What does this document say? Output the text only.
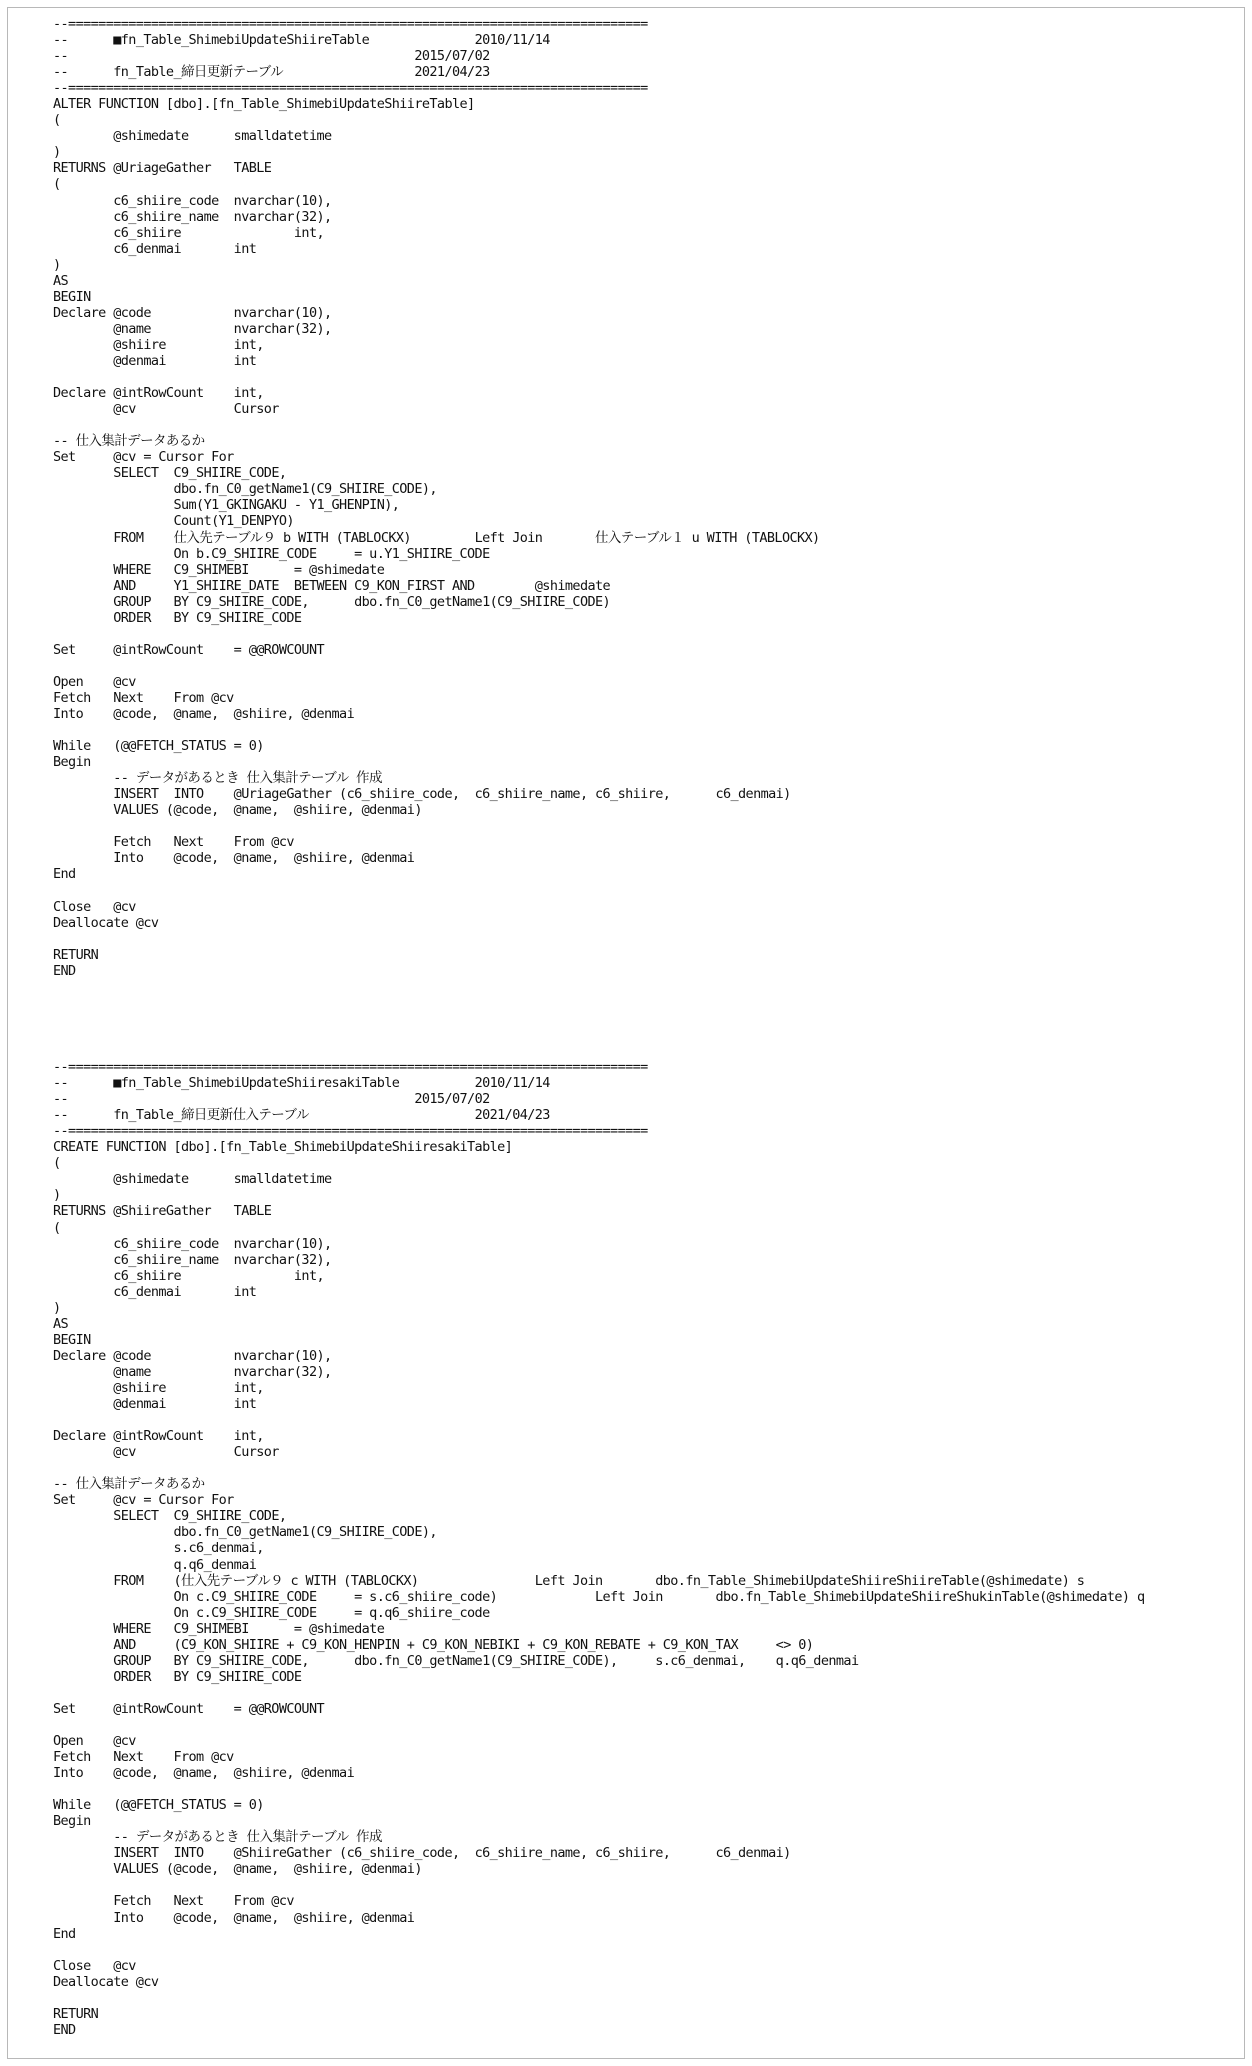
--=============================================================================
--	■fn_Table_ShimebiUpdateShiireTable		2010/11/14
--						2015/07/02
--	fn_Table_締日更新テーブル			2021/04/23
--=============================================================================
ALTER FUNCTION [dbo].[fn_Table_ShimebiUpdateShiireTable]
(
	@shimedate	smalldatetime
)
RETURNS @UriageGather	TABLE
(
	c6_shiire_code	nvarchar(10),
	c6_shiire_name	nvarchar(32),
	c6_shiire		int,
	c6_denmai	int
)
AS
BEGIN
Declare @code		nvarchar(10),
	@name		nvarchar(32),
	@shiire		int,
	@denmai		int
Declare @intRowCount	int,
	@cv		Cursor
-- 仕入集計データあるか
Set	@cv = Cursor For
	SELECT	C9_SHIIRE_CODE,
		dbo.fn_C0_getName1(C9_SHIIRE_CODE),
		Sum(Y1_GKINGAKU - Y1_GHENPIN),
		Count(Y1_DENPYO)
	FROM	仕入先テーブル９ b WITH (TABLOCKX)	Left Join	仕入テーブル１ u WITH (TABLOCKX)
		On b.C9_SHIIRE_CODE	= u.Y1_SHIIRE_CODE
	WHERE	C9_SHIMEBI	= @shimedate
	AND	Y1_SHIIRE_DATE	BETWEEN C9_KON_FIRST AND	@shimedate
	GROUP	BY C9_SHIIRE_CODE,	dbo.fn_C0_getName1(C9_SHIIRE_CODE)
	ORDER	BY C9_SHIIRE_CODE
Set	@intRowCount	= @@ROWCOUNT
Open	@cv
Fetch	Next	From @cv
Into	@code,	@name,	@shiire, @denmai
While	(@@FETCH_STATUS = 0)
Begin
	-- データがあるとき 仕入集計テーブル 作成
	INSERT	INTO	@UriageGather (c6_shiire_code,	c6_shiire_name, c6_shiire,	c6_denmai)
	VALUES (@code,	@name,	@shiire, @denmai)
	Fetch	Next	From @cv
	Into	@code,	@name,	@shiire, @denmai
End
Close	@cv
Deallocate @cv
RETURN
END
--=============================================================================
--	■fn_Table_ShimebiUpdateShiiresakiTable		2010/11/14
--						2015/07/02
--	fn_Table_締日更新仕入テーブル			2021/04/23
--=============================================================================
CREATE FUNCTION [dbo].[fn_Table_ShimebiUpdateShiiresakiTable]
(
	@shimedate	smalldatetime
)
RETURNS @ShiireGather	TABLE
(
	c6_shiire_code	nvarchar(10),
	c6_shiire_name	nvarchar(32),
	c6_shiire		int,
	c6_denmai	int
)
AS
BEGIN
Declare @code		nvarchar(10),
	@name		nvarchar(32),
	@shiire		int,
	@denmai		int
Declare @intRowCount	int,
	@cv		Cursor
-- 仕入集計データあるか
Set	@cv = Cursor For
	SELECT	C9_SHIIRE_CODE,
		dbo.fn_C0_getName1(C9_SHIIRE_CODE),
		s.c6_denmai,
		q.q6_denmai
	FROM	(仕入先テーブル９ c WITH (TABLOCKX)		Left Join	dbo.fn_Table_ShimebiUpdateShiireShiireTable(@shimedate) s
		On c.C9_SHIIRE_CODE	= s.c6_shiire_code)		Left Join	dbo.fn_Table_ShimebiUpdateShiireShukinTable(@shimedate) q
		On c.C9_SHIIRE_CODE	= q.q6_shiire_code
	WHERE	C9_SHIMEBI	= @shimedate
	AND	(C9_KON_SHIIRE + C9_KON_HENPIN + C9_KON_NEBIKI + C9_KON_REBATE + C9_KON_TAX	<> 0)
	GROUP	BY C9_SHIIRE_CODE,	dbo.fn_C0_getName1(C9_SHIIRE_CODE),	s.c6_denmai,	q.q6_denmai
	ORDER	BY C9_SHIIRE_CODE
Set	@intRowCount	= @@ROWCOUNT
Open	@cv
Fetch	Next	From @cv
Into	@code,	@name,	@shiire, @denmai
While	(@@FETCH_STATUS = 0)
Begin
	-- データがあるとき 仕入集計テーブル 作成
	INSERT	INTO	@ShiireGather (c6_shiire_code,	c6_shiire_name, c6_shiire,	c6_denmai)
	VALUES (@code,	@name,	@shiire, @denmai)
	Fetch	Next	From @cv
	Into	@code,	@name,	@shiire, @denmai
End
Close	@cv
Deallocate @cv
RETURN
END
